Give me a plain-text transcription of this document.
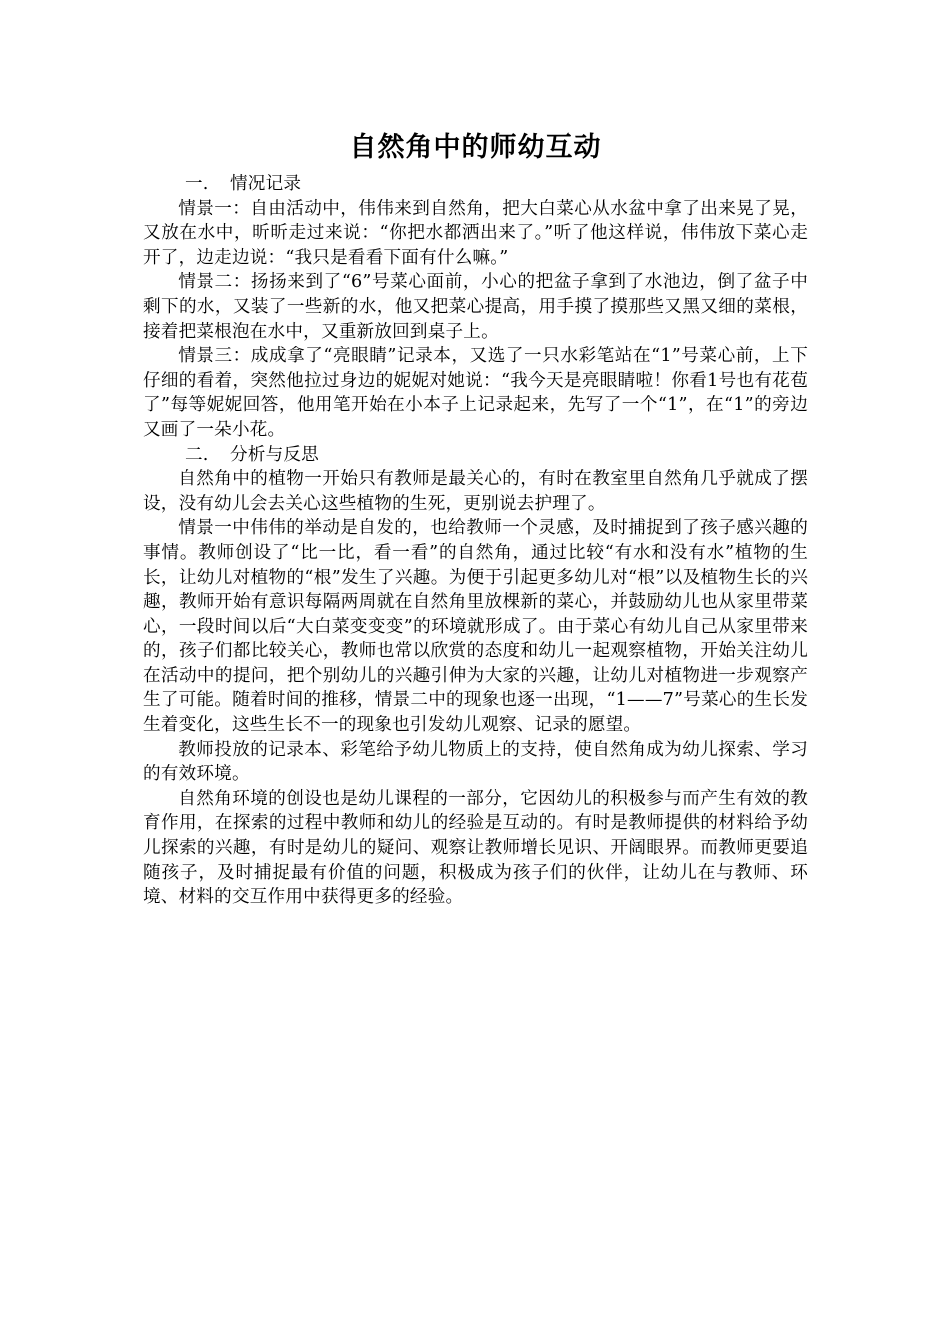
自然角中的师幼互动

一. 情况记录

情景一：自由活动中，伟伟来到自然角，把大白菜心从水盆中拿了出来晃了晃，又放在水中，昕昕走过来说：“你把水都洒出来了。”听了他这样说，伟伟放下菜心走开了，边走边说：“我只是看看下面有什么嘛。”

情景二：扬扬来到了“6”号菜心面前，小心的把盆子拿到了水池边，倒了盆子中剩下的水，又装了一些新的水，他又把菜心提高，用手摸了摸那些又黑又细的菜根，接着把菜根泡在水中，又重新放回到桌子上。

情景三：成成拿了“亮眼睛”记录本，又选了一只水彩笔站在“1”号菜心前，上下仔细的看着，突然他拉过身边的妮妮对她说：“我今天是亮眼睛啦！你看1号也有花苞了”每等妮妮回答，他用笔开始在小本子上记录起来，先写了一个“1”，在“1”的旁边又画了一朵小花。

二. 分析与反思

自然角中的植物一开始只有教师是最关心的，有时在教室里自然角几乎就成了摆设，没有幼儿会去关心这些植物的生死，更别说去护理了。

情景一中伟伟的举动是自发的，也给教师一个灵感，及时捕捉到了孩子感兴趣的事情。教师创设了“比一比，看一看”的自然角，通过比较“有水和没有水”植物的生长，让幼儿对植物的“根”发生了兴趣。为便于引起更多幼儿对“根”以及植物生长的兴趣，教师开始有意识每隔两周就在自然角里放棵新的菜心，并鼓励幼儿也从家里带菜心，一段时间以后“大白菜变变变”的环境就形成了。由于菜心有幼儿自己从家里带来的，孩子们都比较关心，教师也常以欣赏的态度和幼儿一起观察植物，开始关注幼儿在活动中的提问，把个别幼儿的兴趣引伸为大家的兴趣，让幼儿对植物进一步观察产生了可能。随着时间的推移，情景二中的现象也逐一出现，“1——7”号菜心的生长发生着变化，这些生长不一的现象也引发幼儿观察、记录的愿望。

教师投放的记录本、彩笔给予幼儿物质上的支持，使自然角成为幼儿探索、学习的有效环境。

自然角环境的创设也是幼儿课程的一部分，它因幼儿的积极参与而产生有效的教育作用，在探索的过程中教师和幼儿的经验是互动的。有时是教师提供的材料给予幼儿探索的兴趣，有时是幼儿的疑问、观察让教师增长见识、开阔眼界。而教师更要追随孩子，及时捕捉最有价值的问题，积极成为孩子们的伙伴，让幼儿在与教师、环境、材料的交互作用中获得更多的经验。
